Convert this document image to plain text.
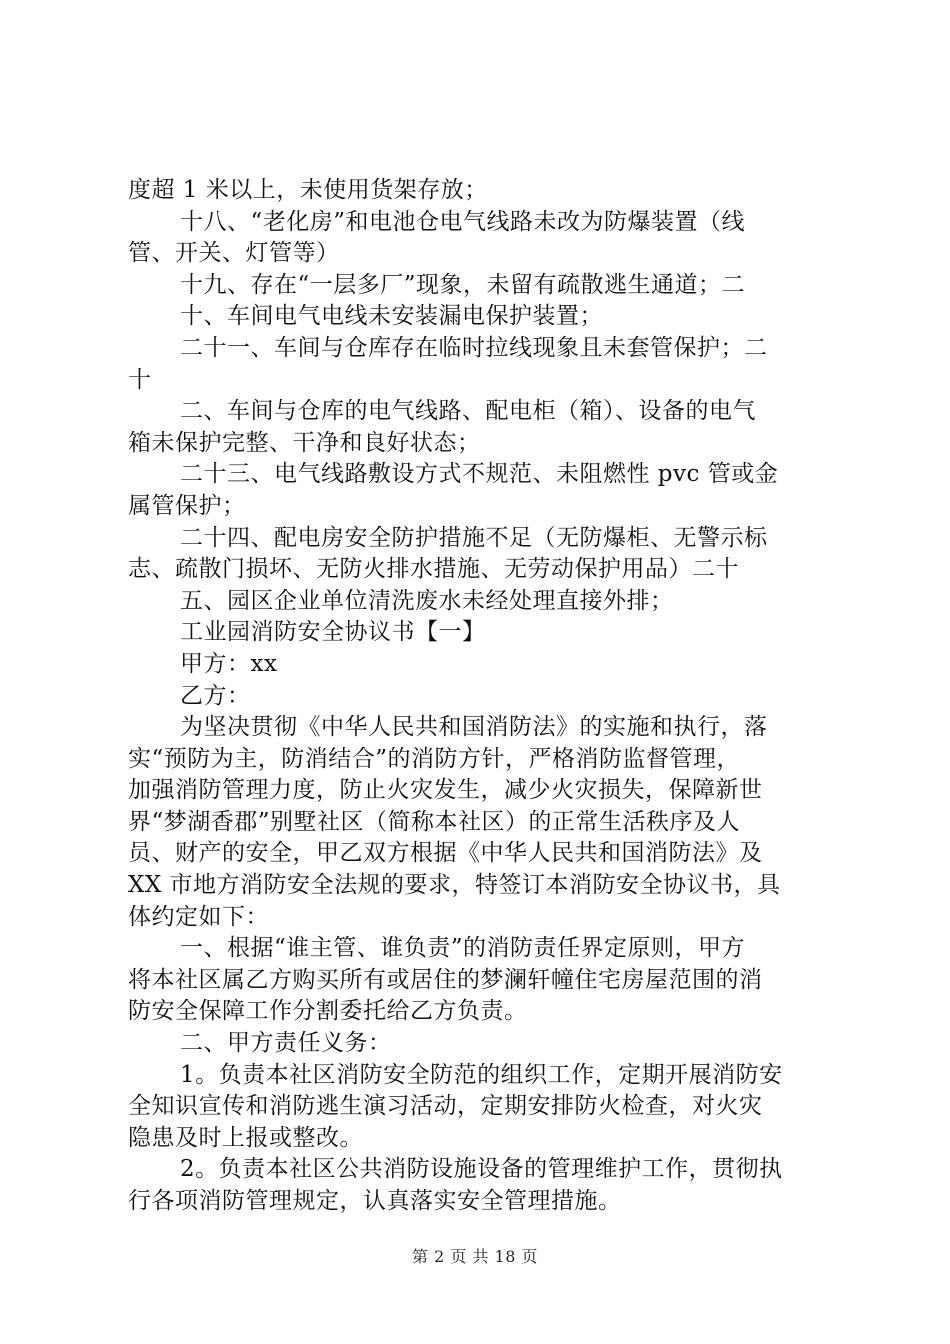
度超 1 米以上，未使用货架存放；
十八、“老化房”和电池仓电气线路未改为防爆装置（线
管、开关、灯管等）
十九、存在“一层多厂”现象，未留有疏散逃生通道；二
十、车间电气电线未安装漏电保护装置；
二十一、车间与仓库存在临时拉线现象且未套管保护；二
十
二、车间与仓库的电气线路、配电柜（箱）、设备的电气
箱未保护完整、干净和良好状态；
二十三、电气线路敷设方式不规范、未阻燃性 pvc 管或金
属管保护；
二十四、配电房安全防护措施不足（无防爆柜、无警示标
志、疏散门损坏、无防火排水措施、无劳动保护用品）二十
五、园区企业单位清洗废水未经处理直接外排；
工业园消防安全协议书【一】
甲方：xx
乙方：
为坚决贯彻《中华人民共和国消防法》的实施和执行，落
实“预防为主，防消结合”的消防方针，严格消防监督管理，
加强消防管理力度，防止火灾发生，减少火灾损失，保障新世
界“梦湖香郡”别墅社区（简称本社区）的正常生活秩序及人
员、财产的安全，甲乙双方根据《中华人民共和国消防法》及
XX 市地方消防安全法规的要求，特签订本消防安全协议书，具
体约定如下：
一、根据“谁主管、谁负责”的消防责任界定原则，甲方
将本社区属乙方购买所有或居住的梦澜轩幢住宅房屋范围的消
防安全保障工作分割委托给乙方负责。
二、甲方责任义务：
1。负责本社区消防安全防范的组织工作，定期开展消防安
全知识宣传和消防逃生演习活动，定期安排防火检查，对火灾
隐患及时上报或整改。
2。负责本社区公共消防设施设备的管理维护工作，贯彻执
行各项消防管理规定，认真落实安全管理措施。
第 2 页 共 18 页
